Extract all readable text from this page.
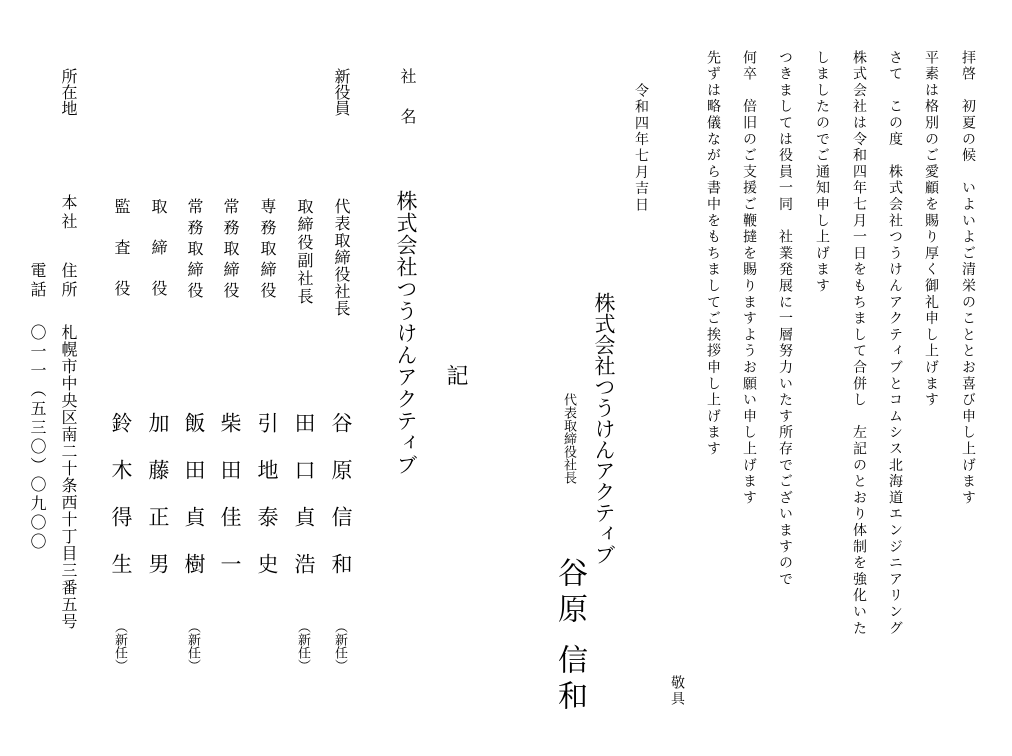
拝啓　初夏の候　いよいよご清栄のこととお喜び申し上げます
平素は格別のご愛顧を賜り厚く御礼申し上げます
さて　この度　株式会社つうけんアクティブとコムシス北海道エンジニアリング
株式会社は令和四年七月一日をもちまして合併し　左記のとおり体制を強化いた
しましたのでご通知申し上げます
つきましては役員一同　社業発展に一層努力いたす所存でございますので
何卒　倍旧のご支援ご鞭撻を賜りますようお願い申し上げます
先ずは略儀ながら書中をもちましてご挨拶申し上げます
敬具
令和四年七月吉日
株式会社つうけんアクティブ
代表取締役社長
谷原
信和
記
社　名
株式会社つうけんアクティブ
新役員
代表取締役社長
谷原信和
（新任）
取締役副社長
田口貞浩
（新任）
専務取締役
引地泰史
常務取締役
柴田佳一
常務取締役
飯田貞樹
（新任）
取締役
加藤正男
監査役
鈴木得生
（新任）
所在地
本社
住所
札幌市中央区南二十条西十丁目三番五号
電話
〇一一（五三〇）〇九〇〇
